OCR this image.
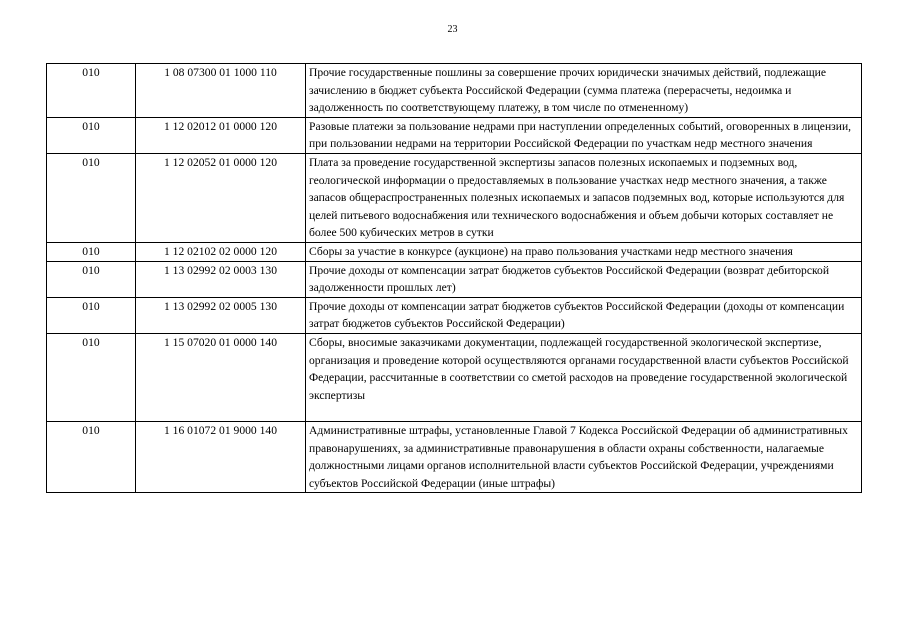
23
010	1 08 07300 01 1000 110	Прочие государственные пошлины за совершение прочих юридически значимых действий, подлежащие зачислению в бюджет субъекта Российской Федерации (сумма платежа (перерасчеты, недоимка и задолженность по соответствующему платежу, в том числе по отмененному)
010	1 12 02012 01 0000 120	Разовые платежи за пользование недрами при наступлении определенных событий, оговоренных в лицензии, при пользовании недрами на территории Российской Федерации по участкам недр местного значения
010	1 12 02052 01 0000 120	Плата за проведение государственной экспертизы запасов полезных ископаемых и подземных вод, геологической информации о предоставляемых в пользование участках недр местного значения, а также запасов общераспространенных полезных ископаемых и запасов подземных вод, которые используются для целей питьевого водоснабжения или технического водоснабжения и объем добычи которых составляет не более 500 кубических метров в сутки
010	1 12 02102 02 0000 120	Сборы за участие в конкурсе (аукционе) на право пользования участками недр местного значения
010	1 13 02992 02 0003 130	Прочие доходы от компенсации затрат бюджетов субъектов Российской Федерации (возврат дебиторской задолженности прошлых лет)
010	1 13 02992 02 0005 130	Прочие доходы от компенсации затрат бюджетов субъектов Российской Федерации (доходы от компенсации затрат бюджетов субъектов Российской Федерации)
010	1 15 07020 01 0000 140	Сборы, вносимые заказчиками документации, подлежащей государственной экологической экспертизе, организация и проведение которой осуществляются органами государственной власти субъектов Российской Федерации, рассчитанные в соответствии со сметой расходов на проведение государственной экологической экспертизы
010	1 16 01072 01 9000 140	Административные штрафы, установленные Главой 7 Кодекса Российской Федерации об административных правонарушениях, за административные правонарушения в области охраны собственности, налагаемые должностными лицами органов исполнительной власти субъектов Российской Федерации, учреждениями субъектов Российской Федерации (иные штрафы)
